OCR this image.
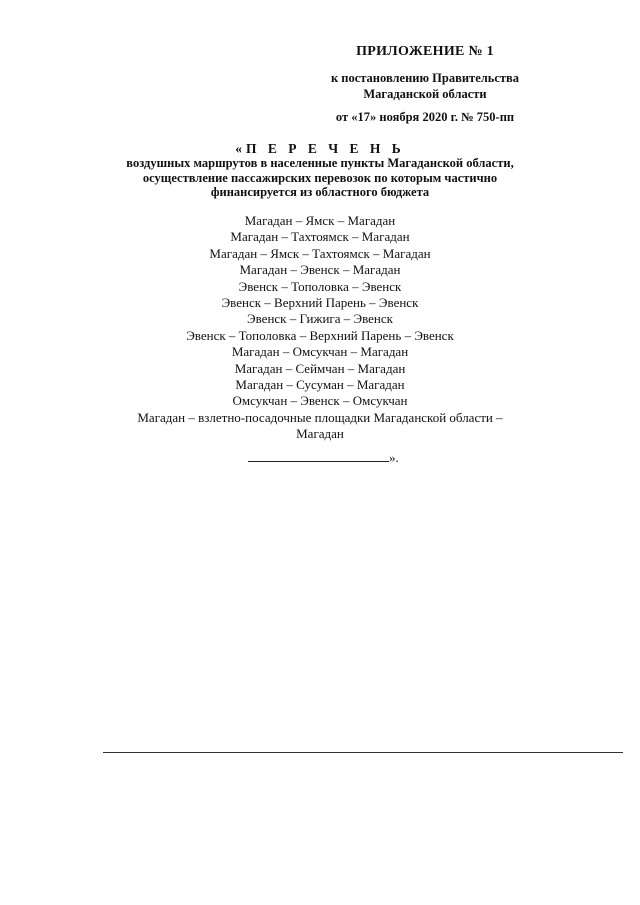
ПРИЛОЖЕНИЕ № 1
к постановлению Правительства
Магаданской области
от «17» ноября 2020 г. № 750-пп
«П Е Р Е Ч Е Н Ь
воздушных маршрутов в населенные пункты Магаданской области,
осуществление пассажирских перевозок по которым частично
финансируется из областного бюджета
Магадан – Ямск – Магадан
Магадан – Тахтоямск – Магадан
Магадан – Ямск – Тахтоямск – Магадан
Магадан – Эвенск – Магадан
Эвенск – Тополовка – Эвенск
Эвенск – Верхний Парень – Эвенск
Эвенск – Гижига – Эвенск
Эвенск – Тополовка – Верхний Парень – Эвенск
Магадан – Омсукчан – Магадан
Магадан – Сеймчан – Магадан
Магадан – Сусуман – Магадан
Омсукчан – Эвенск – Омсукчан
Магадан – взлетно-посадочные площадки Магаданской области –
Магадан
».
